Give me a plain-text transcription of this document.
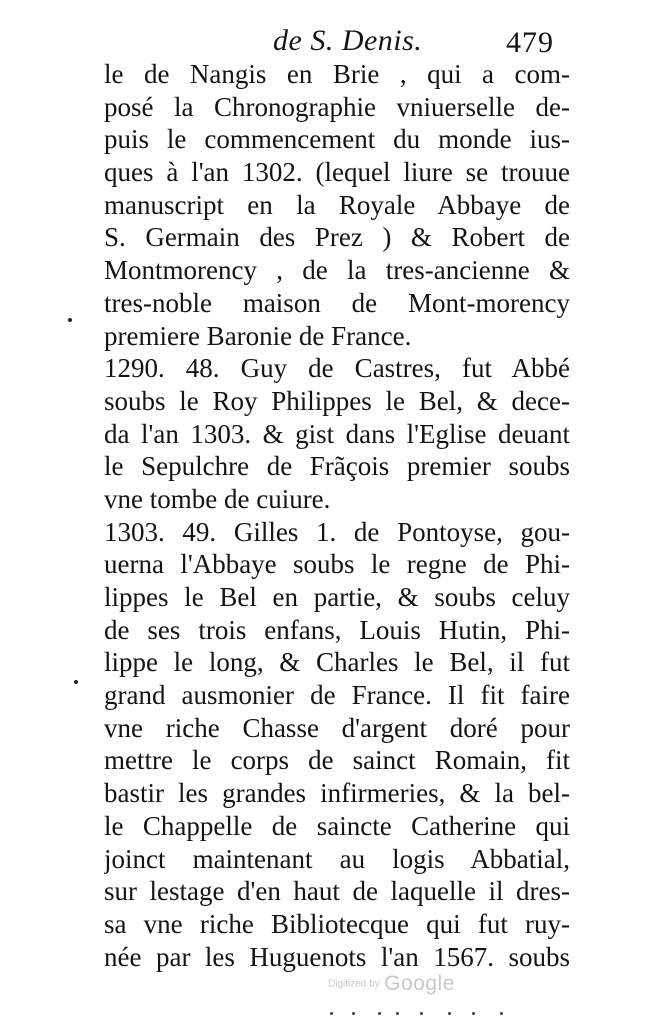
de S. Denis.	479
le de Nangis en Brie , qui a com-
posé la Chronographie vniuerselle de-
puis le commencement du monde ius-
ques à l'an 1302. (lequel liure se trouue
manuscript en la Royale Abbaye de
S. Germain des Prez ) & Robert de
Montmorency , de la tres-ancienne &
tres-noble maison de Mont-morency
premiere Baronie de France.
1290. 48. Guy de Castres, fut Abbé
soubs le Roy Philippes le Bel, & dece-
da l'an 1303. & gist dans l'Eglise deuant
le Sepulchre de Frãçois premier soubs
vne tombe de cuiure.
1303. 49. Gilles 1. de Pontoyse, gou-
uerna l'Abbaye soubs le regne de Phi-
lippes le Bel en partie, & soubs celuy
de ses trois enfans, Louis Hutin, Phi-
lippe le long, & Charles le Bel, il fut
grand ausmonier de France. Il fit faire
vne riche Chasse d'argent doré pour
mettre le corps de sainct Romain, fit
bastir les grandes infirmeries, & la bel-
le Chappelle de saincte Catherine qui
joinct maintenant au logis Abbatial,
sur lestage d'en haut de laquelle il dres-
sa vne riche Bibliotecque qui fut ruy-
née par les Huguenots l'an 1567. soubs
Digitized by Google
